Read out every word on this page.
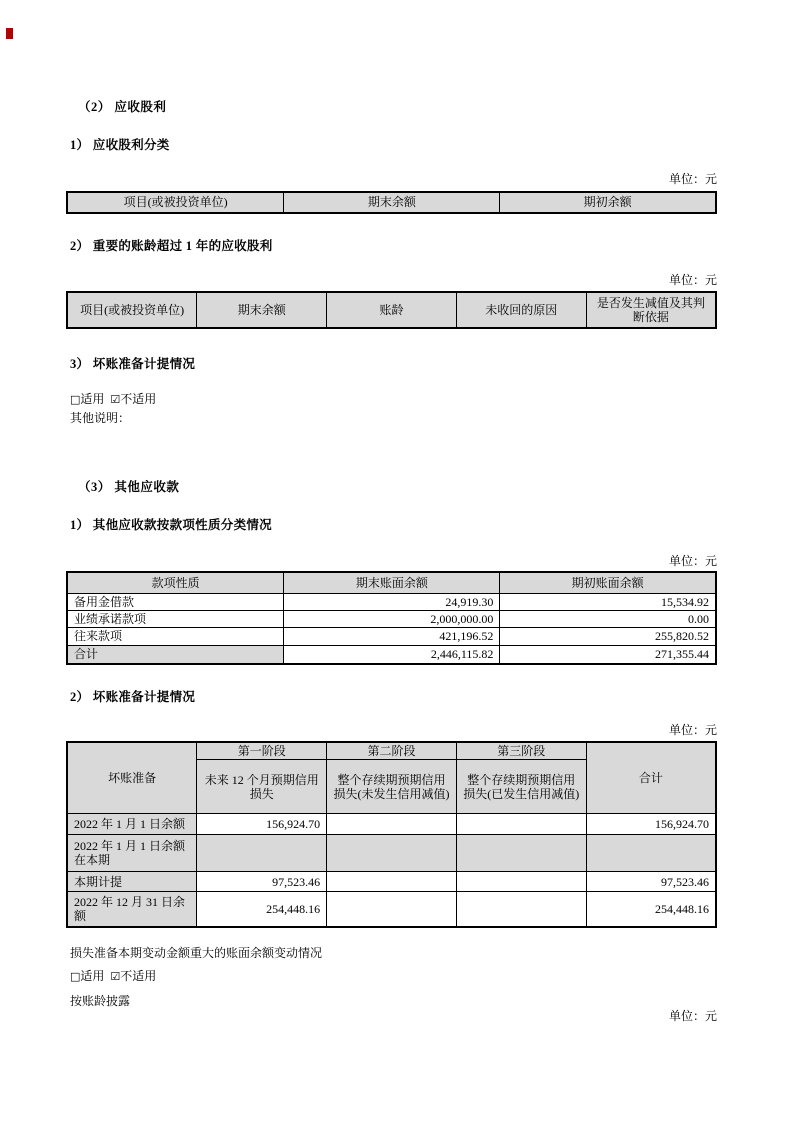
（2） 应收股利
1） 应收股利分类
单位：元
项目(或被投资单位)	期末余额	期初余额
2） 重要的账龄超过 1 年的应收股利
单位：元
项目(或被投资单位)	期末余额	账龄	未收回的原因	是否发生减值及其判断依据
3） 坏账准备计提情况
□适用 ☑不适用
其他说明：
（3） 其他应收款
1） 其他应收款按款项性质分类情况
单位：元
款项性质	期末账面余额	期初账面余额
备用金借款	24,919.30	15,534.92
业绩承诺款项	2,000,000.00	0.00
往来款项	421,196.52	255,820.52
合计	2,446,115.82	271,355.44
2） 坏账准备计提情况
单位：元
坏账准备	第一阶段	第二阶段	第三阶段	合计
	未来 12 个月预期信用损失	整个存续期预期信用损失(未发生信用减值)	整个存续期预期信用损失(已发生信用减值)	
2022 年 1 月 1 日余额	156,924.70			156,924.70
2022 年 1 月 1 日余额在本期				
本期计提	97,523.46			97,523.46
2022 年 12 月 31 日余额	254,448.16			254,448.16
损失准备本期变动金额重大的账面余额变动情况
□适用 ☑不适用
按账龄披露
单位：元
